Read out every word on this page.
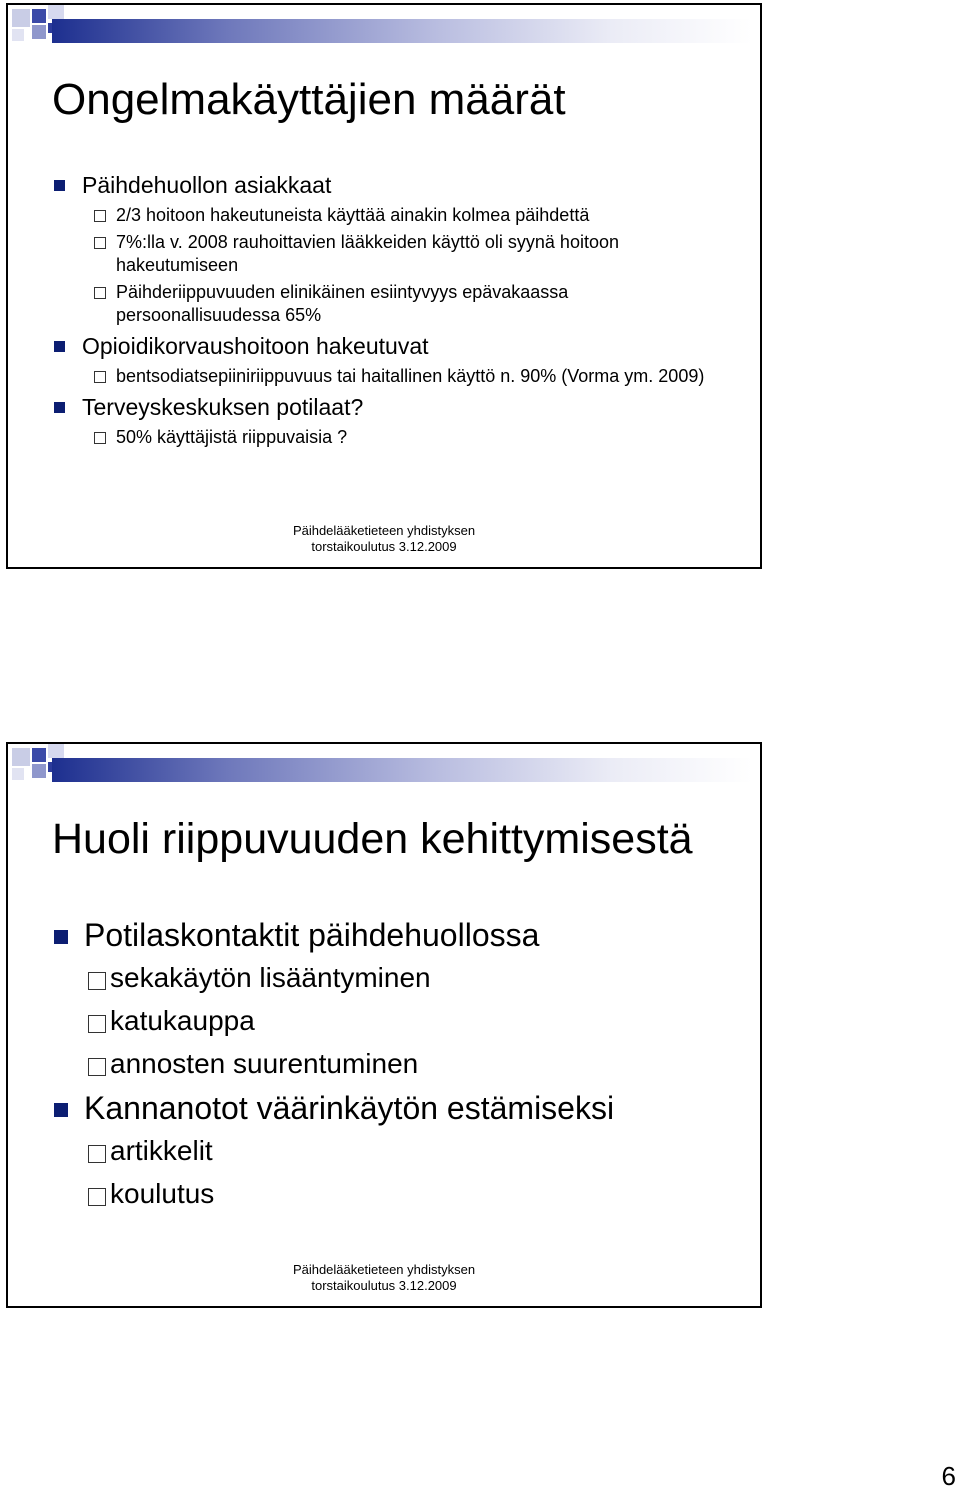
Ongelmakäyttäjien määrät
Päihdehuollon asiakkaat
2/3 hoitoon hakeutuneista käyttää ainakin kolmea päihdettä
7%:lla v. 2008 rauhoittavien lääkkeiden käyttö oli syynä hoitoon hakeutumiseen
Päihderiippuvuuden elinikäinen esiintyvyys epävakaassa persoonallisuudessa 65%
Opioidikorvaushoitoon hakeutuvat
bentsodiatsepiiniriippuvuus tai haitallinen käyttö n. 90% (Vorma ym. 2009)
Terveyskeskuksen potilaat?
50% käyttäjistä riippuvaisia ?
Päihdelääketieteen yhdistyksen
torstaikoulutus 3.12.2009
Huoli riippuvuuden kehittymisestä
Potilaskontaktit päihdehuollossa
sekakäytön lisääntyminen
katukauppa
annosten suurentuminen
Kannanotot väärinkäytön estämiseksi
artikkelit
koulutus
Päihdelääketieteen yhdistyksen
torstaikoulutus 3.12.2009
6
